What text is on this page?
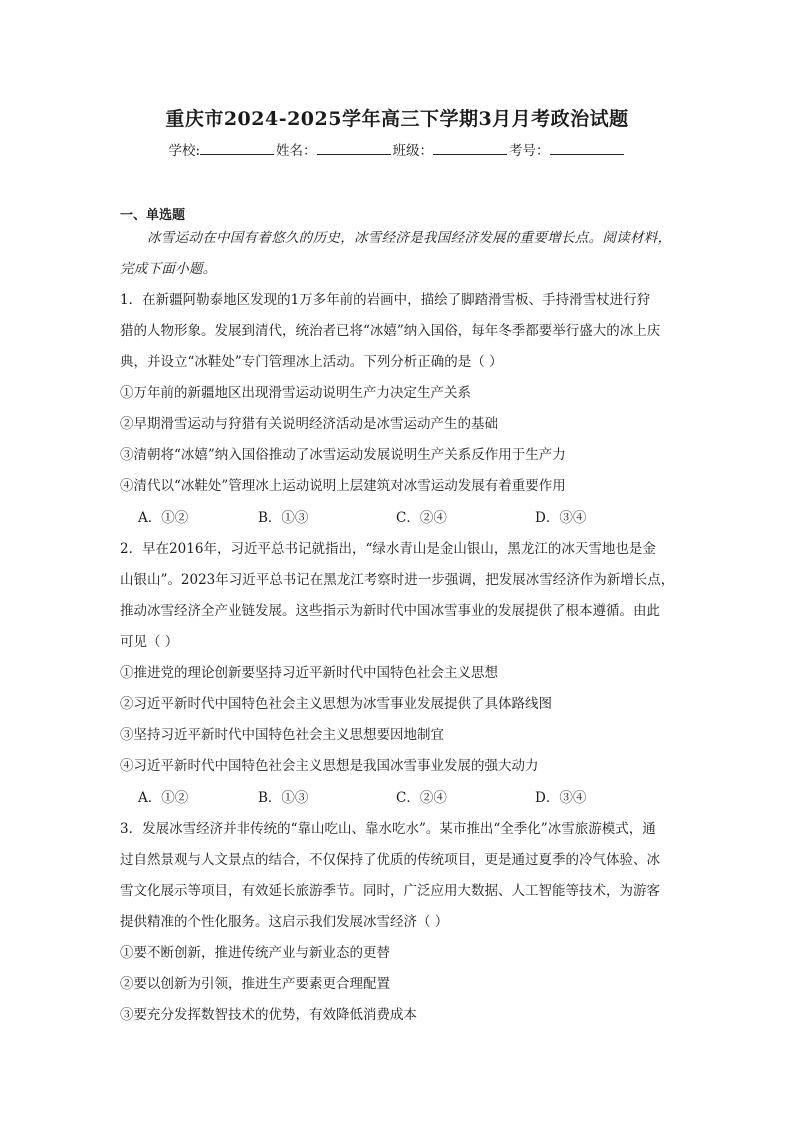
重庆市2024-2025学年高三下学期3月月考政治试题
学校:	姓名：	班级：	考号：
一、单选题
冰雪运动在中国有着悠久的历史，冰雪经济是我国经济发展的重要增长点。阅读材料，
完成下面小题。
1．在新疆阿勒泰地区发现的1万多年前的岩画中，描绘了脚踏滑雪板、手持滑雪杖进行狩
猎的人物形象。发展到清代，统治者已将“冰嬉”纳入国俗，每年冬季都要举行盛大的冰上庆
典，并设立“冰鞋处”专门管理冰上活动。下列分析正确的是（ ）
①万年前的新疆地区出现滑雪运动说明生产力决定生产关系
②早期滑雪运动与狩猎有关说明经济活动是冰雪运动产生的基础
③清朝将“冰嬉”纳入国俗推动了冰雪运动发展说明生产关系反作用于生产力
④清代以“冰鞋处”管理冰上运动说明上层建筑对冰雪运动发展有着重要作用
A．①②	B．①③	C．②④	D．③④
2．早在2016年，习近平总书记就指出，“绿水青山是金山银山，黑龙江的冰天雪地也是金
山银山”。2023年习近平总书记在黑龙江考察时进一步强调，把发展冰雪经济作为新增长点，
推动冰雪经济全产业链发展。这些指示为新时代中国冰雪事业的发展提供了根本遵循。由此
可见（ ）
①推进党的理论创新要坚持习近平新时代中国特色社会主义思想
②习近平新时代中国特色社会主义思想为冰雪事业发展提供了具体路线图
③坚持习近平新时代中国特色社会主义思想要因地制宜
④习近平新时代中国特色社会主义思想是我国冰雪事业发展的强大动力
A．①②	B．①③	C．②④	D．③④
3．发展冰雪经济并非传统的“靠山吃山、靠水吃水”。某市推出“全季化”冰雪旅游模式，通
过自然景观与人文景点的结合，不仅保持了优质的传统项目，更是通过夏季的冷气体验、冰
雪文化展示等项目，有效延长旅游季节。同时，广泛应用大数据、人工智能等技术，为游客
提供精准的个性化服务。这启示我们发展冰雪经济（ ）
①要不断创新，推进传统产业与新业态的更替
②要以创新为引领，推进生产要素更合理配置
③要充分发挥数智技术的优势，有效降低消费成本
